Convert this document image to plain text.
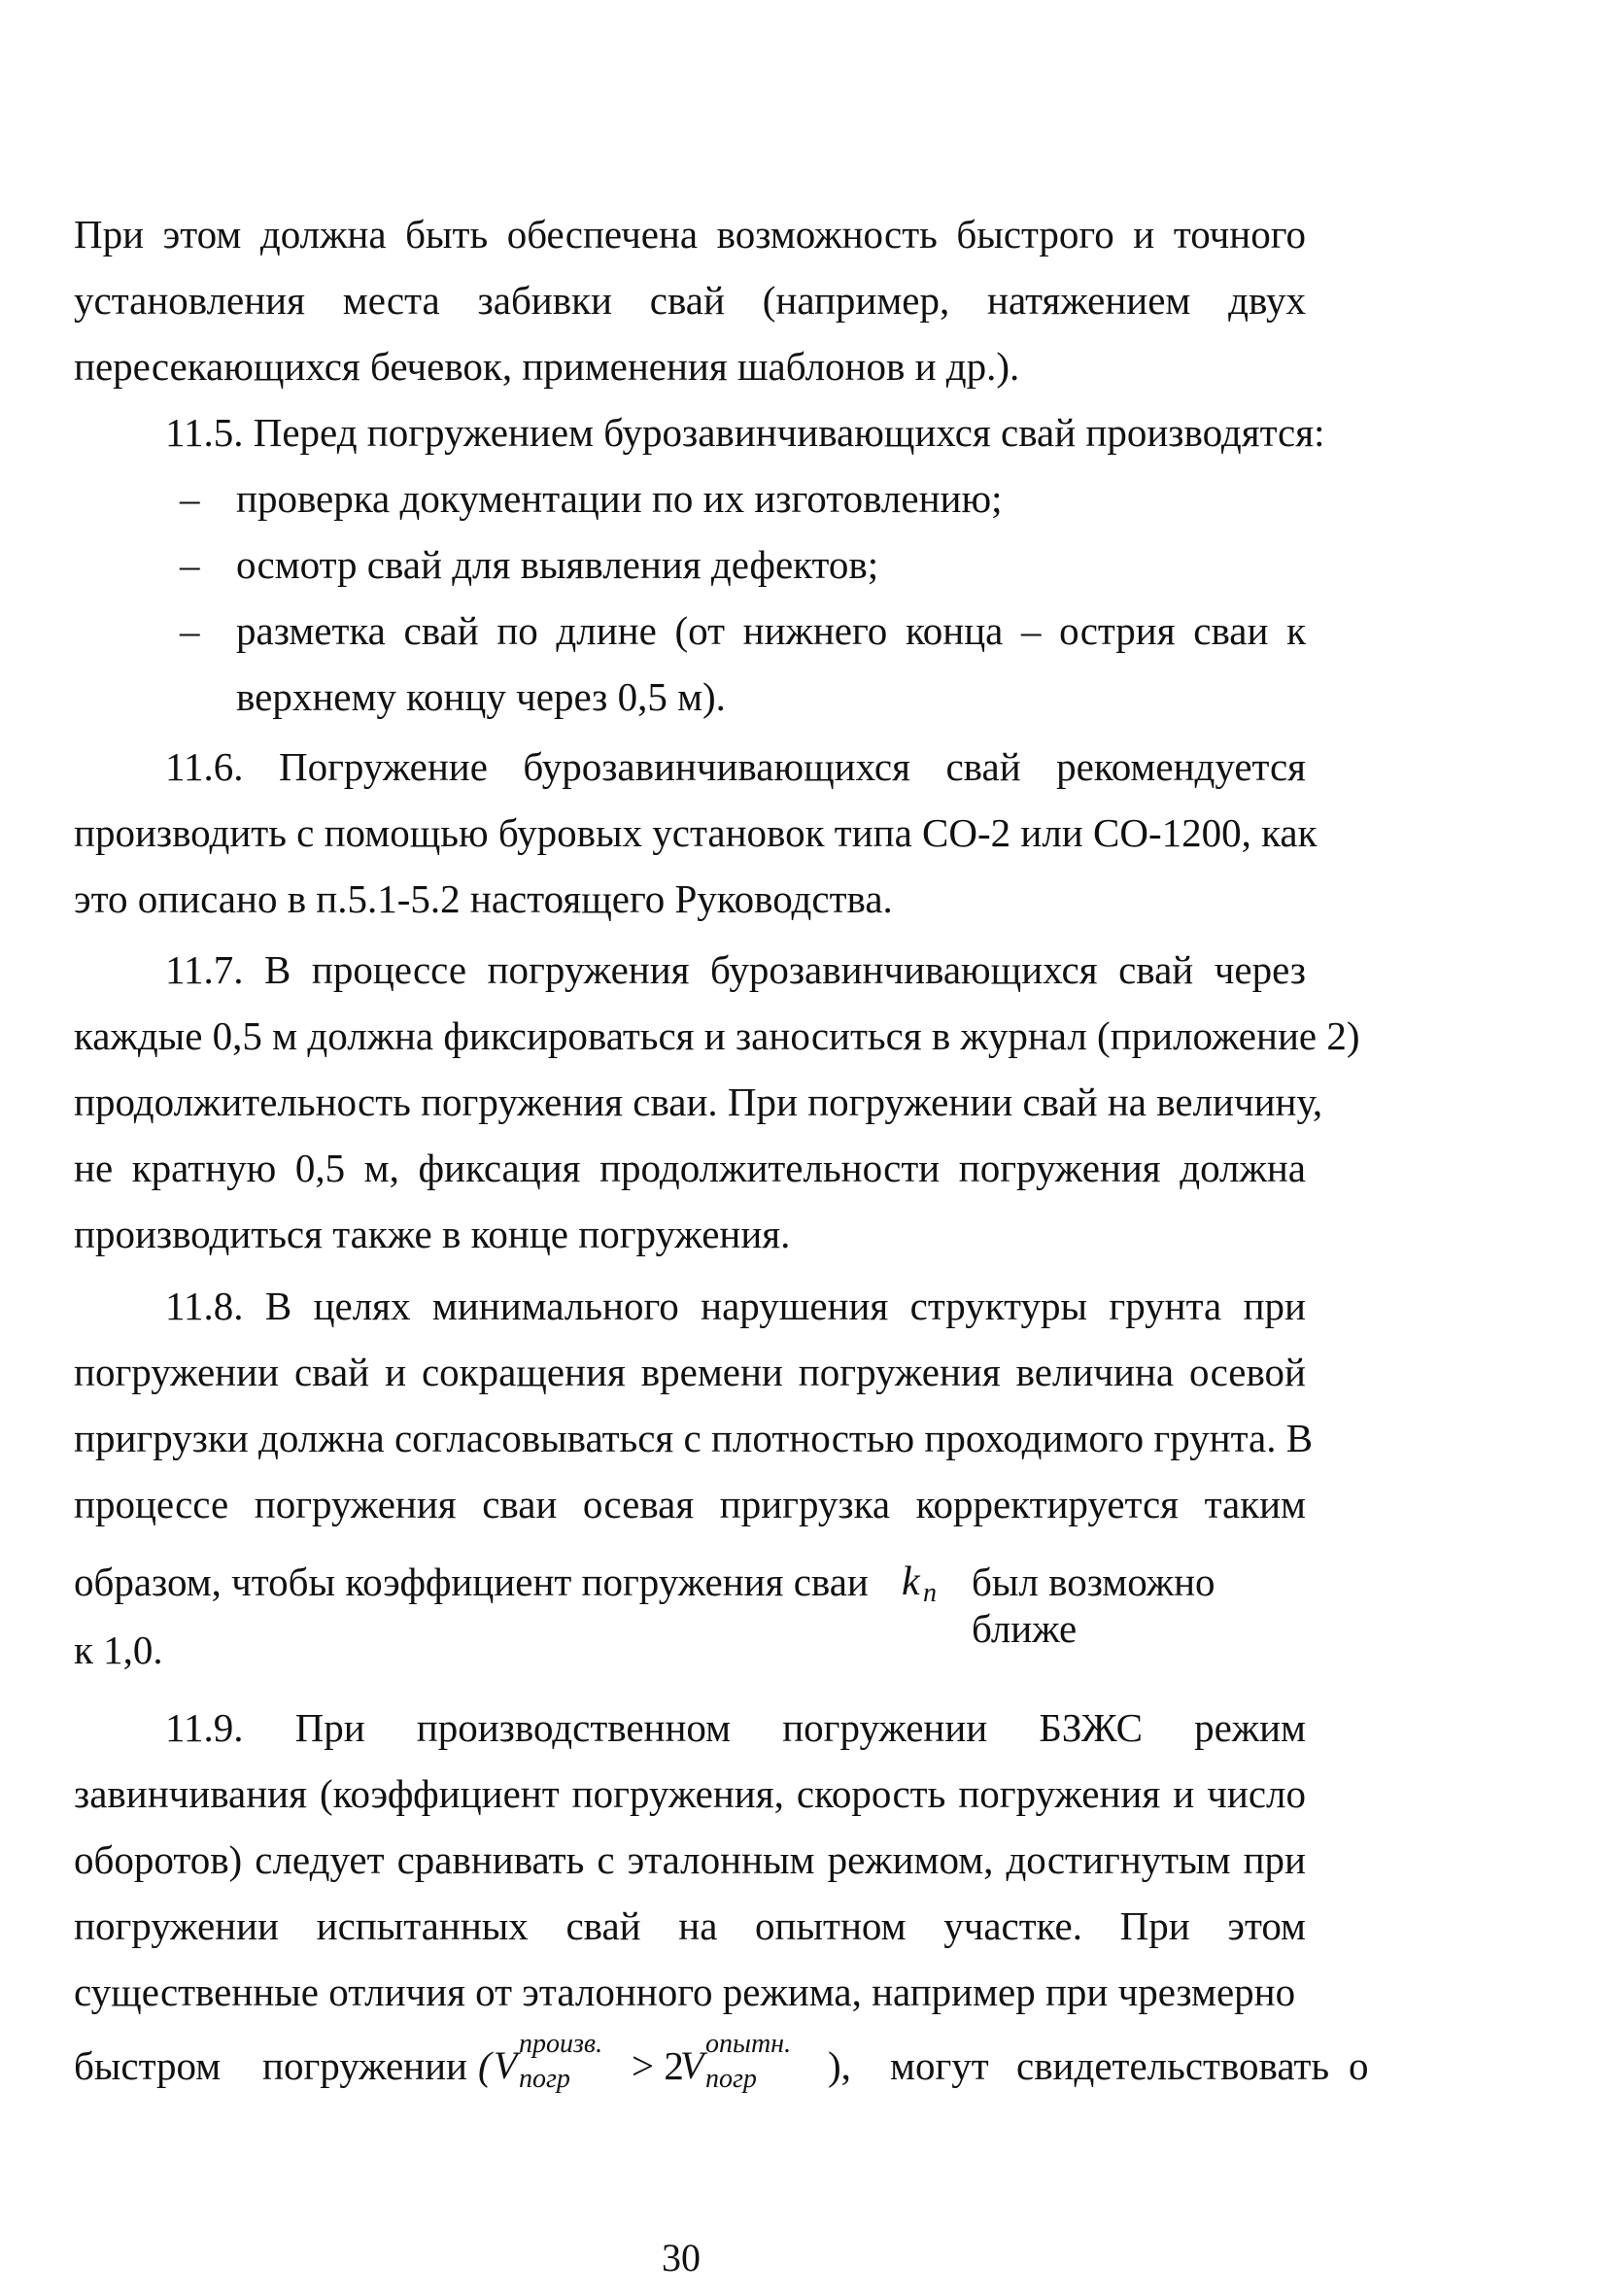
При этом должна быть обеспечена возможность быстрого и точного
установления места забивки свай (например, натяжением двух
пересекающихся бечевок, применения шаблонов и др.).
11.5. Перед погружением бурозавинчивающихся свай производятся:
– проверка документации по их изготовлению;
– осмотр свай для выявления дефектов;
– разметка свай по длине (от нижнего конца – острия сваи к
верхнему концу через 0,5 м).
11.6. Погружение бурозавинчивающихся свай рекомендуется
производить с помощью буровых установок типа СО-2 или СО-1200, как
это описано в п.5.1-5.2 настоящего Руководства.
11.7. В процессе погружения бурозавинчивающихся свай через
каждые 0,5 м должна фиксироваться и заноситься в журнал (приложение 2)
продолжительность погружения сваи. При погружении свай на величину,
не кратную 0,5 м, фиксация продолжительности погружения должна
производиться также в конце погружения.
11.8. В целях минимального нарушения структуры грунта при
погружении свай и сокращения времени погружения величина осевой
пригрузки должна согласовываться с плотностью проходимого грунта. В
процессе погружения сваи осевая пригрузка корректируется таким
образом, чтобы коэффициент погружения сваи k п был возможно ближе
к 1,0.
11.9. При производственном погружении БЗЖС режим
завинчивания (коэффициент погружения, скорость погружения и число
оборотов) следует сравнивать с эталонным режимом, достигнутым при
погружении испытанных свай на опытном участке. При этом
существенные отличия от эталонного режима, например при чрезмерно
быстром погружении ( V произв.
погр > 2
V опытн.
погр ), могут свидетельствовать о
30
